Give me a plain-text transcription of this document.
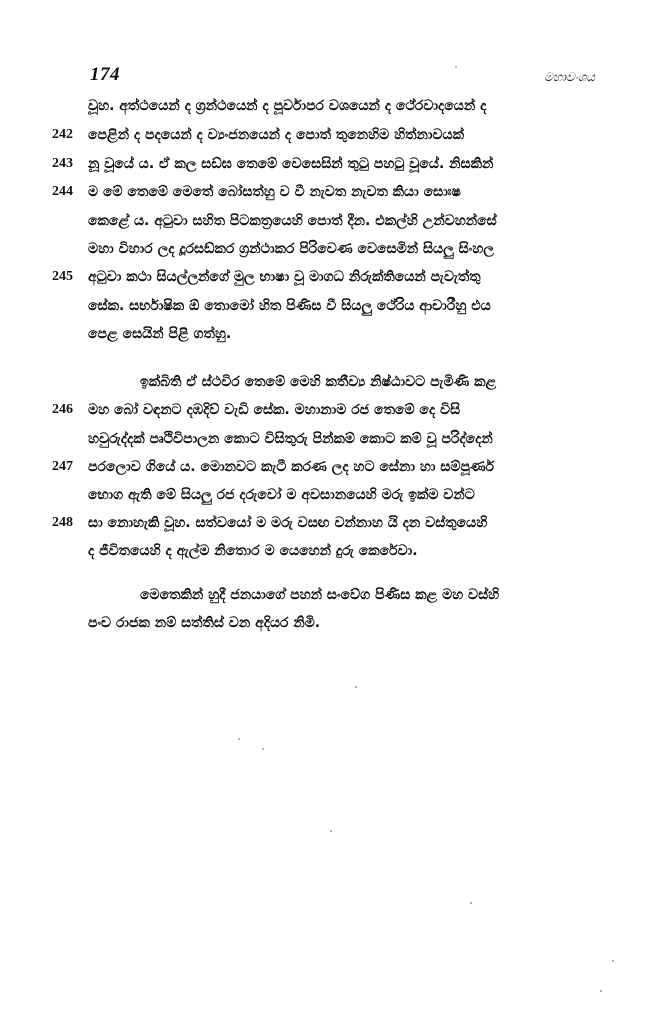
174	මහාවංශය
වූහ. අත්ථයෙන් ද ග්‍රන්ථයෙන් ද පූර්වාපර වශයෙන් ද ථේරවාදයෙන් ද
242	පෙළින් ද පදයෙන් ද ව්‍යංජනයෙන් ද පොත් තුනෙහිම හිත්නාවයක්
243	නූ වූයේ ය. ඒ කල සඩ්ඝ තෙමේ වෙසෙසින් තුටු පහටු වූයේ. නිසකින්
244	ම මේ තෙමේ මෙතේ බෝසත්හු ව වී නැවත නැවත කියා සොඃෂ
කෙළේ ය. අටුවා සහිත පිටකත්‍රයෙහි පොත් දීන. එකල්හි උන්වහන්සේ
මහා විහාර ලද දූරසඞ්කර ග්‍රන්ථාකර පිරිවෙණ වෙසෙමින් සියලු සිංහල
245	අටුවා කථා සියල්ලන්ගේ මුල භාෂා වූ මාගධ නිරුක්තියෙන් පැවැත්තු
සේක. සර්භාෂික ඕ තොමෝ හිත පිණිස වී සියලු ථේරිය ආචාරීහු එය
පෙළ සෙයින් පිළි ගත්හු.
ඉක්බිති ඒ ස්ථවිර තෙමේ මෙහි කතීව්‍ය නිෂ්ඨාවට පැමිණි කළ
246	මහ බෝ වඳනට දඹදිව් වැඩි සේක. මහානාම රජ තෙමේ දෙ විසි
හවුරුද්දක් පෘථිවිපාලන කොට විසිතුරු පින්කම් කොට කම් වූ පරිද්දෙන්
247	පරලොව ගියේ ය. මොනවට කැටී කරණ ලද හට සේනා හා සම්පූර්ණ
භොග ඇති මේ සියලු රජ දරුවෝ ම අවසානයෙහි මරු ඉක්ම වන්ට
248	සා නොහැකි වූහ. සත්වයෝ ම මරු වසඟ වන්නාහ යි දන වස්තුයෙහි
ද ජීවිතයෙහි ද ඇල්ම නිතොර ම යෙහෙන් දුරු කෙරේවා.
මෙතෙකින් හුදී ජනයාගේ පහන් සංවේග පිණිස කළ මහ වස්හි
පංච රාජක නම් සත්තිස් වන අදියර නිමි.
